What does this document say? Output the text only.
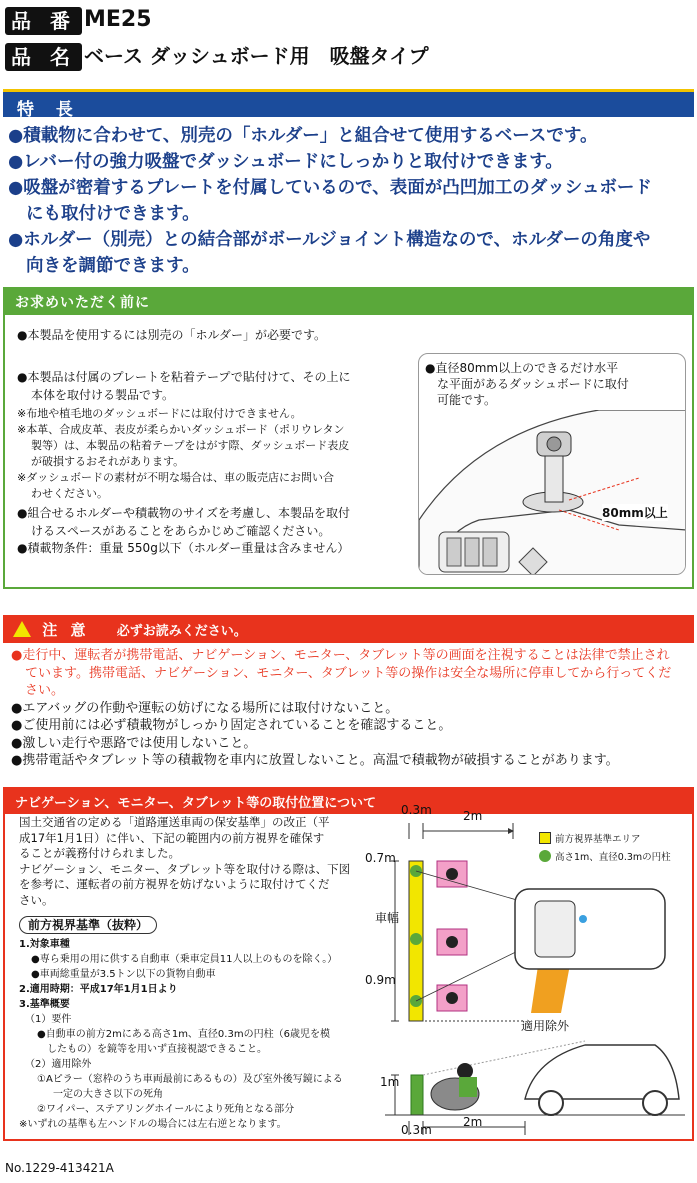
品 番 ME25
品 名 ベース ダッシュボード用　吸盤タイプ
特 長
●積載物に合わせて、別売の「ホルダー」と組合せて使用するベースです。
●レバー付の強力吸盤でダッシュボードにしっかりと取付けできます。
●吸盤が密着するプレートを付属しているので、表面が凸凹加工のダッシュボード
にも取付けできます。
●ホルダー（別売）との結合部がボールジョイント構造なので、ホルダーの角度や
向きを調節できます。
お求めいただく前に
●本製品を使用するには別売の「ホルダー」が必要です。
●本製品は付属のプレートを粘着テープで貼付けて、その上に
本体を取付ける製品です。
※布地や植毛地のダッシュボードには取付けできません。
※本革、合成皮革、表皮が柔らかいダッシュボード（ポリウレタン
製等）は、本製品の粘着テープをはがす際、ダッシュボード表皮
が破損するおそれがあります。
※ダッシュボードの素材が不明な場合は、車の販売店にお問い合
わせください。
●組合せるホルダーや積載物のサイズを考慮し、本製品を取付
けるスペースがあることをあらかじめご確認ください。
●積載物条件：重量 550g以下（ホルダー重量は含みません）
●直径80mm以上のできるだけ水平
な平面があるダッシュボードに取付
可能です。
80mm以上
注 意 必ずお読みください。
●走行中、運転者が携帯電話、ナビゲーション、モニター、タブレット等の画面を注視することは法律で禁止され
ています。携帯電話、ナビゲーション、モニター、タブレット等の操作は安全な場所に停車してから行ってくだ
さい。
●エアバッグの作動や運転の妨げになる場所には取付けないこと。
●ご使用前には必ず積載物がしっかり固定されていることを確認すること。
●激しい走行や悪路では使用しないこと。
●携帯電話やタブレット等の積載物を車内に放置しないこと。高温で積載物が破損することがあります。
ナビゲーション、モニター、タブレット等の取付位置について
国土交通省の定める「道路運送車両の保安基準」の改正（平
成17年1月1日）に伴い、下記の範囲内の前方視界を確保す
ることが義務付けられました。
ナビゲーション、モニター、タブレット等を取付ける際は、下図
を参考に、運転者の前方視界を妨げないように取付けてくだ
さい。
前方視界基準（抜粋）
1.対象車種
●専ら乗用の用に供する自動車（乗車定員11人以上のものを除く。）
●車両総重量が3.5トン以下の貨物自動車
2.適用時期：平成17年1月1日より
3.基準概要
（1）要件
●自動車の前方2mにある高さ1m、直径0.3mの円柱（6歳児を模
したもの）を鏡等を用いず直接視認できること。
（2）適用除外
①Aピラー（窓枠のうち車両最前にあるもの）及び室外後写鏡による
一定の大きさ以下の死角
②ワイパー、ステアリングホイールにより死角となる部分
※いずれの基準も左ハンドルの場合には左右逆となります。
0.3m	2m
0.7m
車幅
0.9m
適用除外
1m
0.3m
2m
前方視界基準エリア
高さ1m、直径0.3mの円柱
No.1229-413421A
